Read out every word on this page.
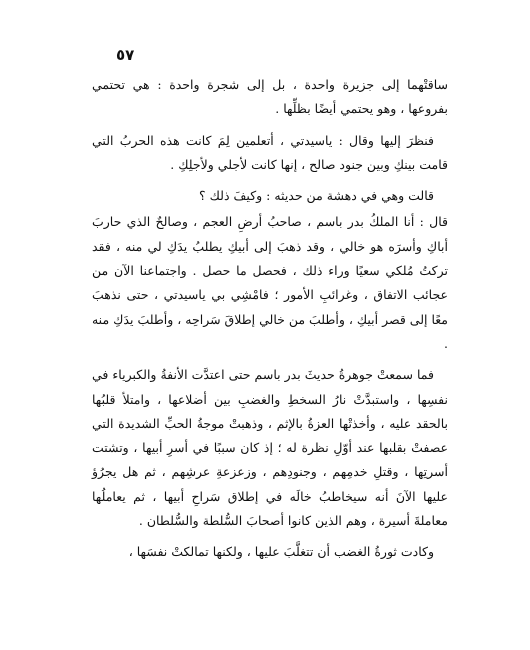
٥٧

ساقتْهما إلى جزيرة واحدة ، بل إلى شجرة واحدة : هي تحتمي بفروعها ، وهو يحتمي أيضًا بظلِّها .

فنظرَ إليها وقال : ياسيدتي ، أتعلمين لِمَ كانت هذه الحربُ التي قامت بينكِ وبين جنود صالح ، إنها كانت لأجلي ولأجلِكِ .

قالت وهي في دهشة من حديثه : وكيفَ ذلك ؟

قال : أنا الملكُ بدر باسم ، صاحبُ أرضِ العجم ، وصالحٌ الذي حاربَ أباكِ وأسرَه هو خالي ، وقد ذهبَ إلى أبيكِ يطلبُ يدَكِ لي منه ، فقد تركتُ مُلكي سعيًا وراء ذلك ، فحصل ما حصل . واجتماعنا الآن من عجائب الاتفاق ، وغرائبِ الأمور ؛ فامْشِي بي ياسيدتي ، حتى نذهبَ معًا إلى قصر أبيكِ ، وأطلبَ من خالي إطلاقَ سَراحِه ، وأطلبَ يدَكِ منه .

فما سمعتْ جوهرةُ حديثَ بدر باسم حتى اعتدَّت الأنفةُ والكبرياء في نفسِها ، واستبدَّتْ نارُ السخطِ والغضبِ بين أضلاعها ، وامتلأ قلبُها بالحقد عليه ، وأخذتْها العزةُ بالإثم ، وذهبتْ موجةُ الحبِّ الشديدة التي عصفتْ بقلبها عند أوّلِ نظرة له ؛ إذ كان سببًا في أسرِ أبيها ، وتشتت أسرتِها ، وقتلِ خدمِهم ، وجنودِهم ، وزعزعةِ عرشِهم ، ثم هل يجرُؤ عليها الآنَ أنه سيخاطبُ خالَه في إطلاق سَراحِ أبيها ، ثم يعاملُها معاملةَ أسيرة ، وهم الذين كانوا أصحابَ السُّلطة والسُّلطان .

وكادت ثورةُ الغضب أن تتغلَّبَ عليها ، ولكنها تمالكتْ نفسَها ،
